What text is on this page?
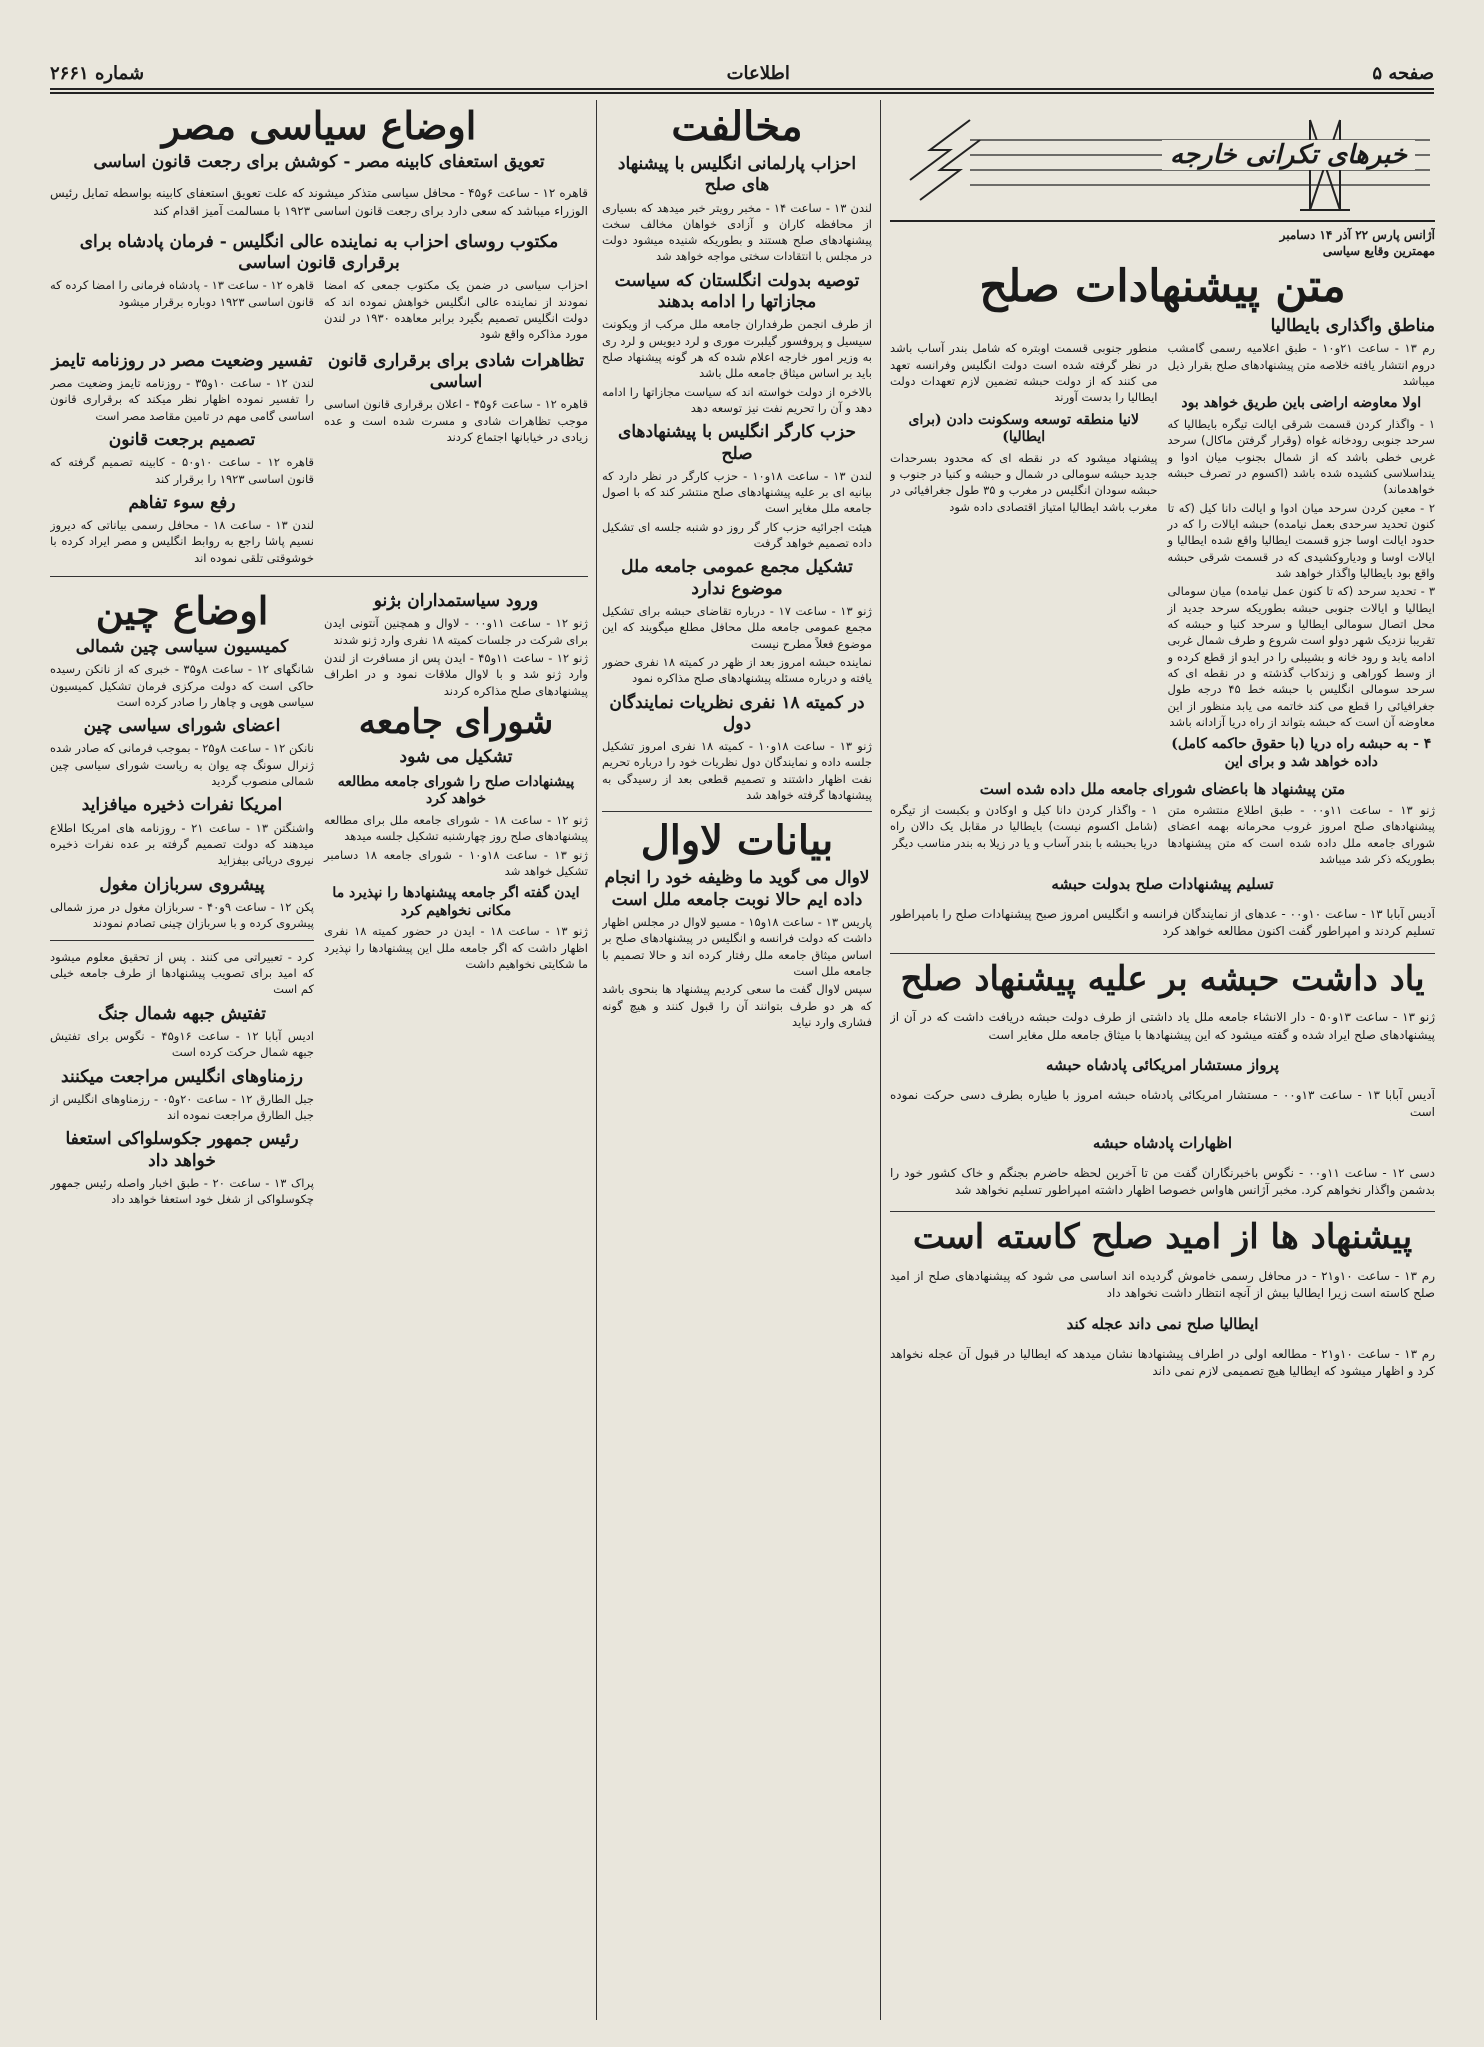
صفحه ۵
اطلاعات
شماره ۲۶۶۱
خبرهای تکرانی خارجه
آژانس پارس ۲۲ آذر ۱۴ دسامبر
مهمترین وقایع سیاسی
متن پیشنهادات صلح
مناطق واگذاری بایطالیا

رم ۱۳ - ساعت ۲۱و۱۰ - طبق اعلامیه رسمی گامشب دروم انتشار یافته خلاصه متن پیشنهادهای صلح بقرار ذیل میباشد

اولا معاوضه اراضی باین طریق خواهد بود

۱ - واگذار کردن قسمت شرقی ایالت تیگره بایطالیا که سرحد جنوبی رودخانه غواه (وقرار گرفتن ماکال) سرحد غربی خطی باشد که از شمال بجنوب میان ادوا و ینداسلاسی کشیده شده باشد (اکسوم در تصرف حبشه خواهدماند)

۲ - معین کردن سرحد میان ادوا و ایالت دانا کیل (که تا کنون تحدید سرحدی بعمل نیامده) حبشه ایالات را که در حدود ایالت اوسا جزو قسمت ایطالیا واقع شده ایطالیا و ایالات اوسا و ودیاروکشیدی که در قسمت شرقی حبشه واقع بود بایطالیا واگذار خواهد شد

۳ - تحدید سرحد (که تا کنون عمل نیامده) میان سومالی ایطالیا و ایالات جنوبی حبشه بطوریکه سرحد جدید از محل اتصال سومالی ایطالیا و سرحد کنیا و حبشه که تقریبا نزدیک شهر دولو است شروع و طرف شمال غربی ادامه یابد و رود خانه و بشیبلی را در ایدو از قطع کرده و از وسط کوراهی و زندکاب گذشته و در نقطه ای که سرحد سومالی انگلیس با حبشه خط ۴۵ درجه طول جغرافیائی را قطع می کند خاتمه می یابد منظور از این معاوضه آن است که حبشه بتواند از راه دریا آزادانه باشد

۴ - به حبشه راه دریا (با حقوق حاکمه کامل) داده خواهد شد و برای این

منطور جنوبی قسمت اوبتره که شامل بندر آساب باشد در نظر گرفته شده است دولت انگلیس وفرانسه تعهد می کنند که از دولت حبشه تضمین لازم تعهدات دولت ایطالیا را بدست آورند

لانیا منطقه توسعه وسکونت دادن (برای ایطالیا)

پیشنهاد میشود که در نقطه ای که محدود بسرحدات جدید حبشه سومالی در شمال و حبشه و کنیا در جنوب و حبشه سودان انگلیس در مغرب و ۳۵ طول جغرافیائی در مغرب باشد ایطالیا امتیاز اقتصادی داده شود

متن پیشنهاد ها باعضای شورای جامعه ملل داده شده است

ژنو ۱۳ - ساعت ۱۱و۰۰ - طبق اطلاع منتشره متن پیشنهادهای صلح امروز غروب محرمانه بهمه اعضای شورای جامعه ملل داده شده است که متن پیشنهادها بطوریکه ذکر شد میباشد

۱ - واگذار کردن دانا کیل و اوکادن و بکبست از تیگره (شامل اکسوم نیست) بایطالیا در مقابل یک دالان راه دریا بحبشه با بندر آساب و یا در زیلا به بندر مناسب دیگر

تسلیم پیشنهادات صلح بدولت حبشه

آدیس آبابا ۱۳ - ساعت ۱۰و۰۰ - عدهای از نمایندگان فرانسه و انگلیس امروز صبح پیشنهادات صلح را بامپراطور تسلیم کردند و امپراطور گفت اکنون مطالعه خواهد کرد

یاد داشت حبشه بر علیه پیشنهاد صلح

ژنو ۱۳ - ساعت ۱۳و۵۰ - دار الانشاء جامعه ملل یاد داشتی از طرف دولت حبشه دریافت داشت که در آن از پیشنهادهای صلح ایراد شده و گفته میشود که این پیشنهادها با میثاق جامعه ملل مغایر است

پرواز مستشار امریکائی پادشاه حبشه

آدیس آبابا ۱۳ - ساعت ۱۳و۰۰ - مستشار امریکائی پادشاه حبشه امروز با طیاره بطرف دسی حرکت نموده است

اظهارات پادشاه حبشه

دسی ۱۲ - ساعت ۱۱و۰۰ - نگوس باخبرنگاران گفت من تا آخرین لحظه حاضرم بجنگم و خاک کشور خود را بدشمن واگذار نخواهم کرد. مخبر آژانس هاواس خصوصا اظهار داشته امپراطور تسلیم نخواهد شد

پیشنهاد ها از امید صلح کاسته است

رم ۱۳ - ساعت ۱۰و۲۱ - در محافل رسمی خاموش گردیده اند اساسی می شود که پیشنهادهای صلح از امید صلح کاسته است زیرا ایطالیا بیش از آنچه انتظار داشت نخواهد داد

ایطالیا صلح نمی داند عجله کند

رم ۱۳ - ساعت ۱۰و۲۱ - مطالعه اولی در اطراف پیشنهادها نشان میدهد که ایطالیا در قبول آن عجله نخواهد کرد و اظهار میشود که ایطالیا هیچ تصمیمی لازم نمی داند

مخالفت
احزاب پارلمانی انگلیس با پیشنهاد های صلح

لندن ۱۳ - ساعت ۱۴ - مخبر رویتر خبر میدهد که بسیاری از محافظه کاران و آزادی خواهان مخالف سخت پیشنهادهای صلح هستند و بطوریکه شنیده میشود دولت در مجلس با انتقادات سختی مواجه خواهد شد

توصیه بدولت انگلستان که سیاست مجازاتها را ادامه بدهند

از طرف انجمن طرفداران جامعه ملل مرکب از ویکونت سیسیل و پروفسور گیلبرت موری و لرد دیویس و لرد ری به وزیر امور خارجه اعلام شده که هر گونه پیشنهاد صلح باید بر اساس میثاق جامعه ملل باشد

بالاخره از دولت خواسته اند که سیاست مجازاتها را ادامه دهد و آن را تحریم نفت نیز توسعه دهد

حزب کارگر انگلیس با پیشنهادهای صلح

لندن ۱۳ - ساعت ۱۸و۱۰ - حزب کارگر در نظر دارد که بیانیه ای بر علیه پیشنهادهای صلح منتشر کند که با اصول جامعه ملل مغایر است

هیئت اجرائیه حزب کار گر روز دو شنبه جلسه ای تشکیل داده تصمیم خواهد گرفت

تشکیل مجمع عمومی جامعه ملل موضوع ندارد

ژنو ۱۳ - ساعت ۱۷ - درباره تقاضای حبشه برای تشکیل مجمع عمومی جامعه ملل محافل مطلع میگویند که این موضوع فعلاً مطرح نیست

نماینده حبشه امروز بعد از ظهر در کمیته ۱۸ نفری حضور یافته و درباره مسئله پیشنهادهای صلح مذاکره نمود

در کمیته ۱۸ نفری نظریات نمایندگان دول

ژنو ۱۳ - ساعت ۱۸و۱۰ - کمیته ۱۸ نفری امروز تشکیل جلسه داده و نمایندگان دول نظریات خود را درباره تحریم نفت اظهار داشتند و تصمیم قطعی بعد از رسیدگی به پیشنهادها گرفته خواهد شد

بیانات لاوال
لاوال می گوید ما وظیفه خود را انجام داده ایم حالا نوبت جامعه ملل است

پاریس ۱۳ - ساعت ۱۸و۱۵ - مسیو لاوال در مجلس اظهار داشت که دولت فرانسه و انگلیس در پیشنهادهای صلح بر اساس میثاق جامعه ملل رفتار کرده اند و حالا تصمیم با جامعه ملل است

سپس لاوال گفت ما سعی کردیم پیشنهاد ها بنحوی باشد که هر دو طرف بتوانند آن را قبول کنند و هیچ گونه فشاری وارد نیاید

اوضاع سیاسی مصر
تعویق استعفای کابینه مصر - کوشش برای رجعت قانون اساسی

قاهره ۱۲ - ساعت ۶و۴۵ - محافل سیاسی متذکر میشوند که علت تعویق استعفای کابینه بواسطه تمایل رئیس الوزراء میباشد که سعی دارد برای رجعت قانون اساسی ۱۹۲۳ با مسالمت آمیز اقدام کند

مکتوب روسای احزاب به نماینده عالی انگلیس - فرمان پادشاه برای برقراری قانون اساسی

احزاب سیاسی در ضمن یک مکتوب جمعی که امضا نمودند از نماینده عالی انگلیس خواهش نموده اند که دولت انگلیس تصمیم بگیرد برابر معاهده ۱۹۳۰ در لندن مورد مذاکره واقع شود

قاهره ۱۲ - ساعت ۱۳ - پادشاه فرمانی را امضا کرده که قانون اساسی ۱۹۲۳ دوباره برقرار میشود

تظاهرات شادی برای برقراری قانون اساسی

قاهره ۱۲ - ساعت ۶و۴۵ - اعلان برقراری قانون اساسی موجب تظاهرات شادی و مسرت شده است و عده زیادی در خیابانها اجتماع کردند

تفسیر وضعیت مصر در روزنامه تایمز

لندن ۱۲ - ساعت ۱۰و۳۵ - روزنامه تایمز وضعیت مصر را تفسیر نموده اظهار نظر میکند که برقراری قانون اساسی گامی مهم در تامین مقاصد مصر است

تصمیم برجعت قانون

قاهره ۱۲ - ساعت ۱۰و۵۰ - کابینه تصمیم گرفته که قانون اساسی ۱۹۲۳ را برقرار کند

رفع سوء تفاهم

لندن ۱۳ - ساعت ۱۸ - محافل رسمی بیاناتی که دیروز نسیم پاشا راجع به روابط انگلیس و مصر ایراد کرده با خوشوقتی تلقی نموده اند

ورود سیاستمداران بژنو

ژنو ۱۲ - ساعت ۱۱و۰۰ - لاوال و همچنین آنتونی ایدن برای شرکت در جلسات کمیته ۱۸ نفری وارد ژنو شدند

ژنو ۱۲ - ساعت ۱۱و۴۵ - ایدن پس از مسافرت از لندن وارد ژنو شد و با لاوال ملاقات نمود و در اطراف پیشنهادهای صلح مذاکره کردند

شورای جامعه
تشکیل می شود
پیشنهادات صلح را شورای جامعه مطالعه خواهد کرد

ژنو ۱۲ - ساعت ۱۸ - شورای جامعه ملل برای مطالعه پیشنهادهای صلح روز چهارشنبه تشکیل جلسه میدهد

ژنو ۱۳ - ساعت ۱۸و۱۰ - شورای جامعه ۱۸ دسامبر تشکیل خواهد شد

ایدن گفته اگر جامعه پیشنهادها را نپذیرد ما مکانی نخواهیم کرد

ژنو ۱۳ - ساعت ۱۸ - ایدن در حضور کمیته ۱۸ نفری اظهار داشت که اگر جامعه ملل این پیشنهادها را نپذیرد ما شکایتی نخواهیم داشت

اوضاع چین
کمیسیون سیاسی چین شمالی

شانگهای ۱۲ - ساعت ۸و۳۵ - خبری که از نانکن رسیده حاکی است که دولت مرکزی فرمان تشکیل کمیسیون سیاسی هوپی و چاهار را صادر کرده است

اعضای شورای سیاسی چین

نانکن ۱۲ - ساعت ۸و۲۵ - بموجب فرمانی که صادر شده ژنرال سونگ چه یوان به ریاست شورای سیاسی چین شمالی منصوب گردید

امریکا نفرات ذخیره میافزاید

واشنگتن ۱۳ - ساعت ۲۱ - روزنامه های امریکا اطلاع میدهند که دولت تصمیم گرفته بر عده نفرات ذخیره نیروی دریائی بیفزاید

پیشروی سربازان مغول

پکن ۱۲ - ساعت ۹و۴۰ - سربازان مغول در مرز شمالی پیشروی کرده و با سربازان چینی تصادم نمودند

کرد - تعبیراتی می کنند . پس از تحقیق معلوم میشود که امید برای تصویب پیشنهادها از طرف جامعه خیلی کم است

تفتیش جبهه شمال جنگ

ادیس آبابا ۱۲ - ساعت ۱۶و۴۵ - نگوس برای تفتیش جبهه شمال حرکت کرده است

رزمناوهای انگلیس مراجعت میکنند

جبل الطارق ۱۲ - ساعت ۲۰و۰۵ - رزمناوهای انگلیس از جبل الطارق مراجعت نموده اند

رئیس جمهور جکوسلواکی استعفا خواهد داد

پراک ۱۳ - ساعت ۲۰ - طبق اخبار واصله رئیس جمهور چکوسلواکی از شغل خود استعفا خواهد داد
